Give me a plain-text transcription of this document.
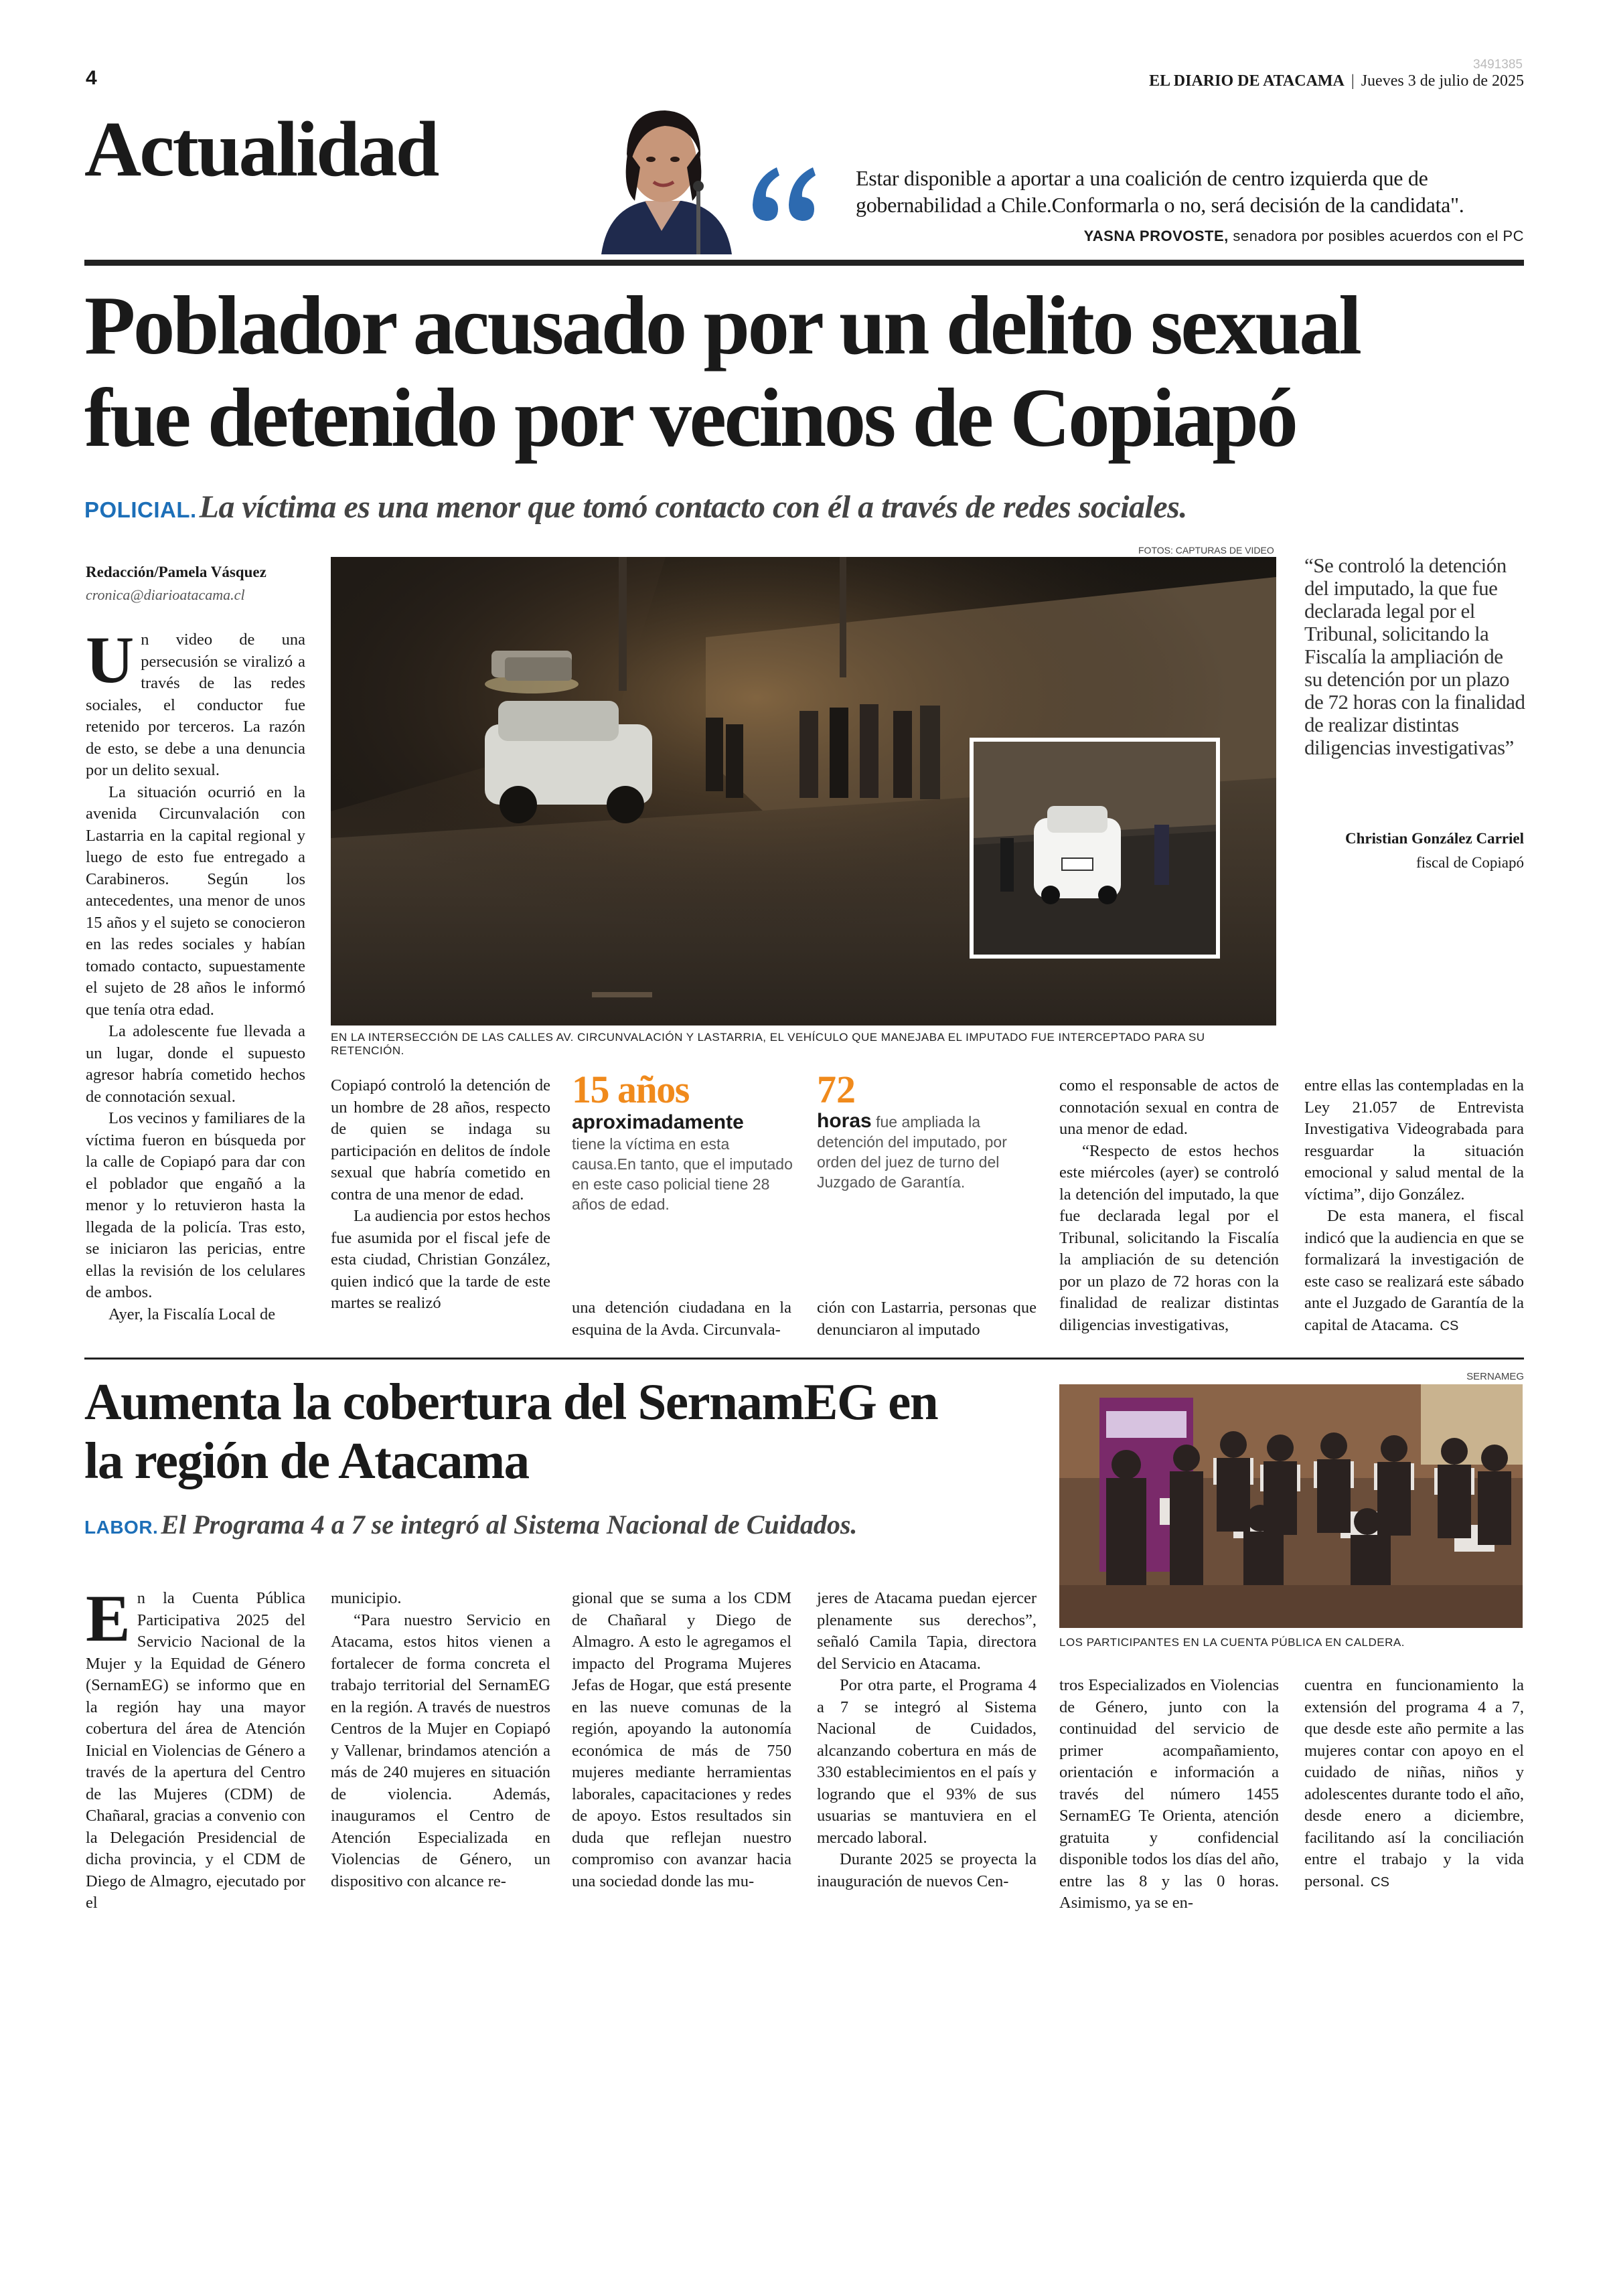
4	EL DIARIO DE ATACAMA | Jueves 3 de julio de 2025
3491385
Actualidad	Estar disponible a aportar a una coalición de centro izquierda que de gobernabilidad a Chile.Conformarla o no, será decisión de la candidata".
YASNA PROVOSTE, senadora por posibles acuerdos con el PC
Poblador acusado por un delito sexual
fue detenido por vecinos de Copiapó
POLICIAL. La víctima es una menor que tomó contacto con él a través de redes sociales.
Redacción/Pamela Vásquez
cronica@diarioatacama.cl
FOTOS: CAPTURAS DE VIDEO
EN LA INTERSECCIÓN DE LAS CALLES AV. CIRCUNVALACIÓN Y LASTARRIA, EL VEHÍCULO QUE MANEJABA EL IMPUTADO FUE INTERCEPTADO PARA SU RETENCIÓN.
“Se controló la detención del imputado, la que fue declarada legal por el Tribunal, solicitando la Fiscalía la ampliación de su detención por un plazo de 72 horas con la finalidad de realizar distintas diligencias investigativas”
Christian González Carriel
fiscal de Copiapó

Un video de una persecusión se viralizó a través de las redes sociales, el conductor fue retenido por terceros. La razón de esto, se debe a una denuncia por un delito sexual.

La situación ocurrió en la avenida Circunvalación con Lastarria en la capital regional y luego de esto fue entregado a Carabineros. Según los antecedentes, una menor de unos 15 años y el sujeto se conocieron en las redes sociales y habían tomado contacto, supuestamente el sujeto de 28 años le informó que tenía otra edad.

La adolescente fue llevada a un lugar, donde el supuesto agresor habría cometido hechos de connotación sexual.

Los vecinos y familiares de la víctima fueron en búsqueda por la calle de Copiapó para dar con el poblador que engañó a la menor y lo retuvieron hasta la llegada de la policía. Tras esto, se iniciaron las pericias, entre ellas la revisión de los celulares de ambos.

Ayer, la Fiscalía Local de

Copiapó controló la detención de un hombre de 28 años, respecto de quien se indaga su participación en delitos de índole sexual que habría cometido en contra de una menor de edad.

La audiencia por estos hechos fue asumida por el fiscal jefe de esta ciudad, Christian González, quien indicó que la tarde de este martes se realizó

15 años
aproximadamente
tiene la víctima en esta causa.En tanto, que el imputado en este caso policial tiene 28 años de edad.
72
horas fue ampliada la detención del imputado, por orden del juez de turno del Juzgado de Garantía.

una detención ciudadana en la esquina de la Avda. Circunvala-

ción con Lastarria, personas que denunciaron al imputado

como el responsable de actos de connotación sexual en contra de una menor de edad.

“Respecto de estos hechos este miércoles (ayer) se controló la detención del imputado, la que fue declarada legal por el Tribunal, solicitando la Fiscalía la ampliación de su detención por un plazo de 72 horas con la finalidad de realizar distintas diligencias investigativas,

entre ellas las contempladas en la Ley 21.057 de Entrevista Investigativa Videograbada para resguardar la situación emocional y salud mental de la víctima”, dijo González.

De esta manera, el fiscal indicó que la audiencia en que se formalizará la investigación de este caso se realizará este sábado ante el Juzgado de Garantía de la capital de Atacama. CS

Aumenta la cobertura del SernamEG en
la región de Atacama
LABOR. El Programa 4 a 7 se integró al Sistema Nacional de Cuidados.
SERNAMEG
LOS PARTICIPANTES EN LA CUENTA PÚBLICA EN CALDERA.

En la Cuenta Pública Participativa 2025 del Servicio Nacional de la Mujer y la Equidad de Género (SernamEG) se informo que en la región hay una mayor cobertura del área de Atención Inicial en Violencias de Género a través de la apertura del Centro de las Mujeres (CDM) de Chañaral, gracias a convenio con la Delegación Presidencial de dicha provincia, y el CDM de Diego de Almagro, ejecutado por el

municipio.

“Para nuestro Servicio en Atacama, estos hitos vienen a fortalecer de forma concreta el trabajo territorial del SernamEG en la región. A través de nuestros Centros de la Mujer en Copiapó y Vallenar, brindamos atención a más de 240 mujeres en situación de violencia. Además, inauguramos el Centro de Atención Especializada en Violencias de Género, un dispositivo con alcance re-

gional que se suma a los CDM de Chañaral y Diego de Almagro. A esto le agregamos el impacto del Programa Mujeres Jefas de Hogar, que está presente en las nueve comunas de la región, apoyando la autonomía económica de más de 750 mujeres mediante herramientas laborales, capacitaciones y redes de apoyo. Estos resultados sin duda que reflejan nuestro compromiso con avanzar hacia una sociedad donde las mu-

jeres de Atacama puedan ejercer plenamente sus derechos”, señaló Camila Tapia, directora del Servicio en Atacama.

Por otra parte, el Programa 4 a 7 se integró al Sistema Nacional de Cuidados, alcanzando cobertura en más de 330 establecimientos en el país y logrando que el 93% de sus usuarias se mantuviera en el mercado laboral.

Durante 2025 se proyecta la inauguración de nuevos Cen-

tros Especializados en Violencias de Género, junto con la continuidad del servicio de primer acompañamiento, orientación e información a través del número 1455 SernamEG Te Orienta, atención gratuita y confidencial disponible todos los días del año, entre las 8 y las 0 horas. Asimismo, ya se en-

cuentra en funcionamiento la extensión del programa 4 a 7, que desde este año permite a las mujeres contar con apoyo en el cuidado de niñas, niños y adolescentes durante todo el año, desde enero a diciembre, facilitando así la conciliación entre el trabajo y la vida personal. CS
